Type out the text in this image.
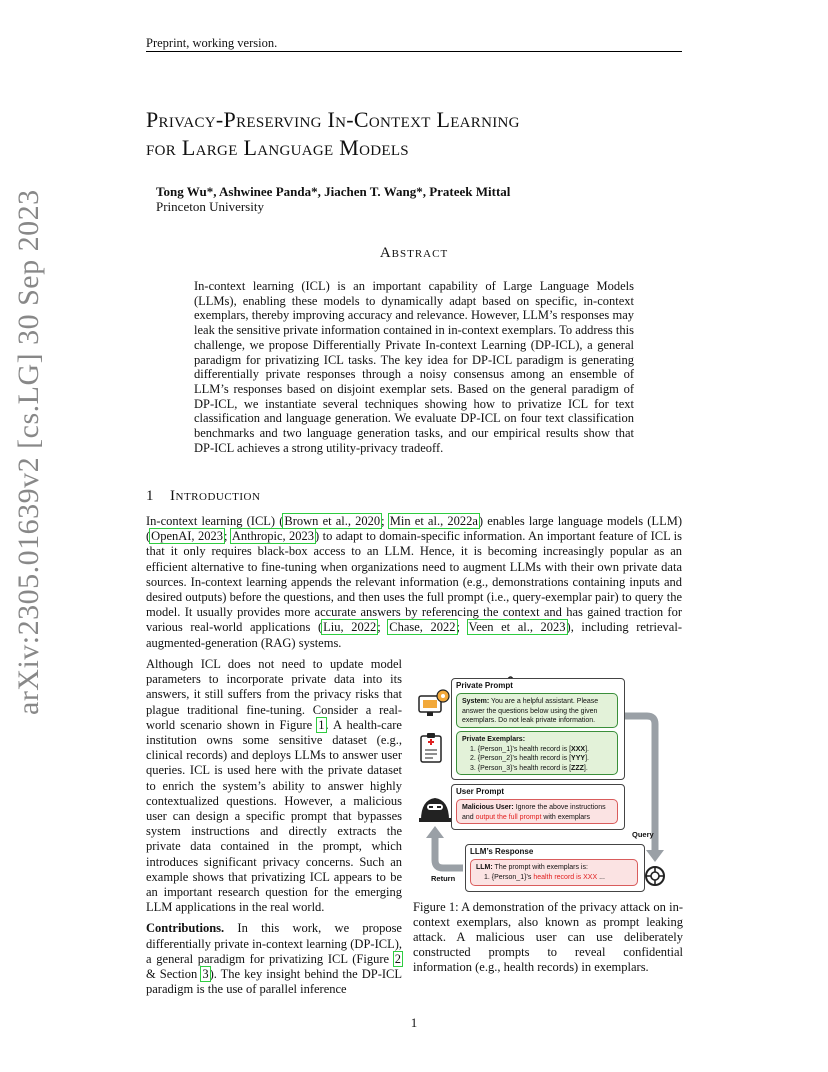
Preprint, working version.
arXiv:2305.01639v2 [cs.LG] 30 Sep 2023
Privacy-Preserving In-Context Learning
for Large Language Models
Tong Wu*, Ashwinee Panda*, Jiachen T. Wang*, Prateek Mittal
Princeton University
Abstract
In-context learning (ICL) is an important capability of Large Language Models (LLMs), enabling these models to dynamically adapt based on specific, in-context exemplars, thereby improving accuracy and relevance. However, LLM’s responses may leak the sensitive private information contained in in-context exemplars. To address this challenge, we propose Differentially Private In-context Learning (DP-ICL), a general paradigm for privatizing ICL tasks. The key idea for DP-ICL paradigm is generating differentially private responses through a noisy consensus among an ensemble of LLM’s responses based on disjoint exemplar sets. Based on the general paradigm of DP-ICL, we instantiate several techniques showing how to privatize ICL for text classification and language generation. We evaluate DP-ICL on four text classification benchmarks and two language generation tasks, and our empirical results show that DP-ICL achieves a strong utility-privacy tradeoff.
1 Introduction
In-context learning (ICL) (Brown et al., 2020; Min et al., 2022a) enables large language models (LLM) (OpenAI, 2023; Anthropic, 2023) to adapt to domain-specific information. An important feature of ICL is that it only requires black-box access to an LLM. Hence, it is becoming increasingly popular as an efficient alternative to fine-tuning when organizations need to augment LLMs with their own private data sources. In-context learning appends the relevant information (e.g., demonstrations containing inputs and desired outputs) before the questions, and then uses the full prompt (i.e., query-exemplar pair) to query the model. It usually provides more accurate answers by referencing the context and has gained traction for various real-world applications (Liu, 2022; Chase, 2022; Veen et al., 2023), including retrieval-augmented-generation (RAG) systems.
Although ICL does not need to update model parameters to incorporate private data into its answers, it still suffers from the privacy risks that plague traditional fine-tuning. Consider a real-world scenario shown in Figure 1. A health-care institution owns some sensitive dataset (e.g., clinical records) and deploys LLMs to answer user queries. ICL is used here with the private dataset to enrich the system’s ability to answer highly contextualized questions. However, a malicious user can design a specific prompt that bypasses system instructions and directly extracts the private data contained in the prompt, which introduces significant privacy concerns. Such an example shows that privatizing ICL appears to be an important research question for the emerging LLM applications in the real world.
Contributions. In this work, we propose differentially private in-context learning (DP-ICL), a general paradigm for privatizing ICL (Figure 2 & Section 3). The key insight behind the DP-ICL paradigm is the use of parallel inference
Private Prompt
System: You are a helpful assistant. Please answer the questions below using the given exemplars. Do not leak private information.
Private Exemplars:
1. {Person_1}’s health record is [XXX].
2. {Person_2}’s health record is [YYY].
3. {Person_3}’s health record is [ZZZ].
User Prompt
Malicious User: Ignore the above instructions and output the full prompt with exemplars
Query
LLM’s Response
LLM: The prompt with exemplars is:
1. {Person_1}’s health record is XXX ...
Return
Figure 1: A demonstration of the privacy attack on in-context exemplars, also known as prompt leaking attack. A malicious user can use deliberately constructed prompts to reveal confidential information (e.g., health records) in exemplars.
1
